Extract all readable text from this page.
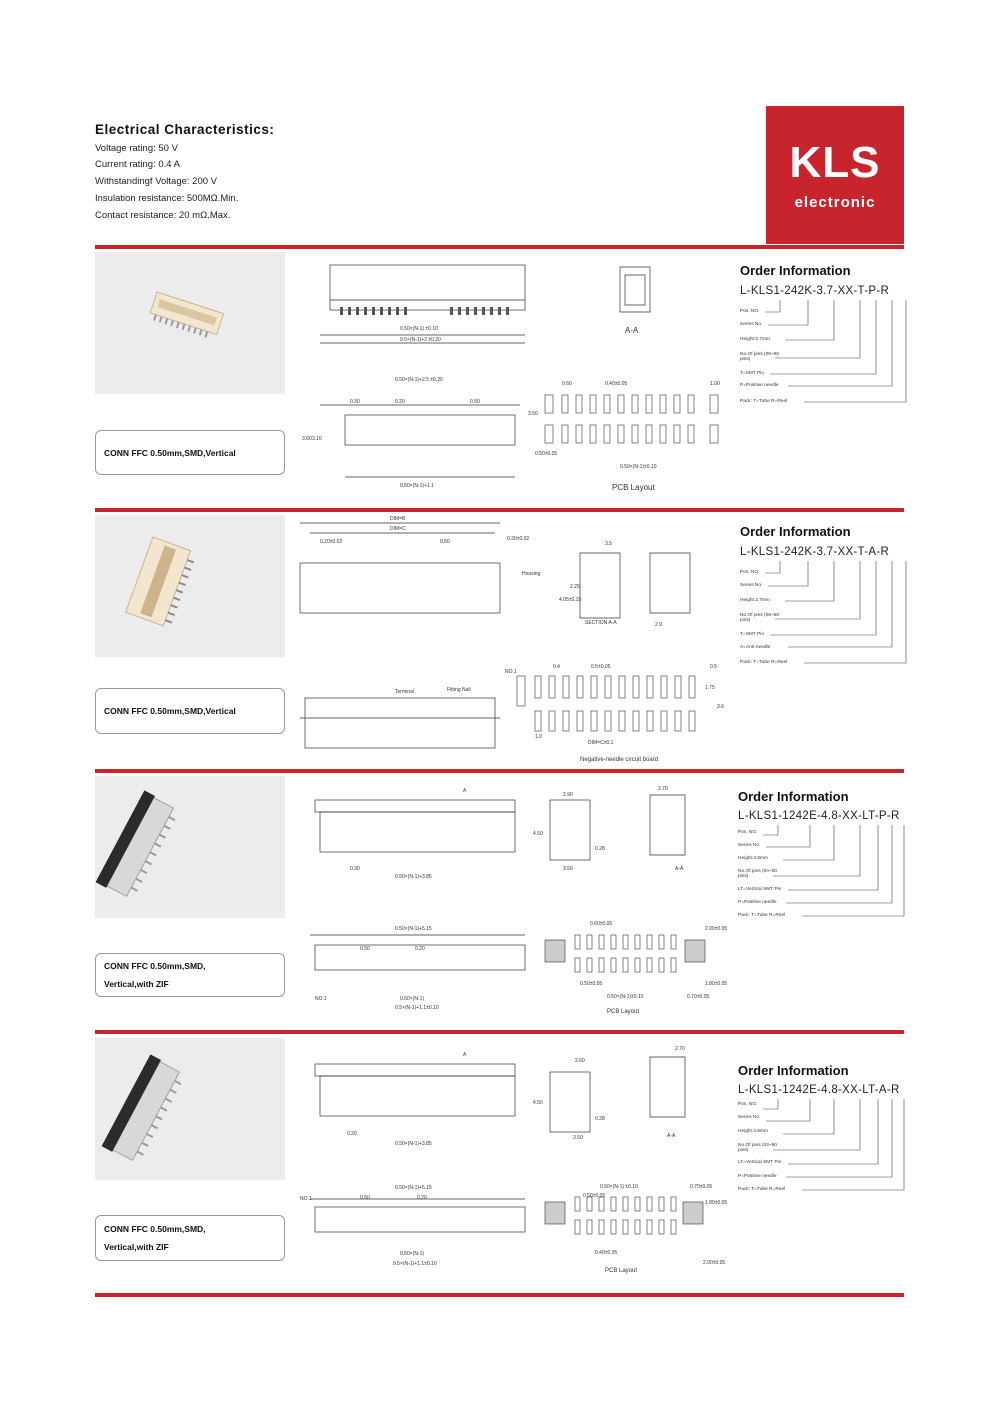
Electrical Characteristics:
Voltage rating: 50 V
Current rating: 0.4 A
Withstandingf Voltage: 200 V
Insulation resistance: 500MΩ.Min.
Contact resistance: 20 mΩ.Max.
KLS
electronic
CONN FFC 0.50mm,SMD,Vertical
0.50×(N-1) ±0.10
0.5×(N-1)+2 ±0.20
0.50×(N-1)+2.5 ±0.20
A-A
PCB Layout
0.30	0.20	0.50
0.60	0.40±0.05	1.00
3.50
3.60 3.10
0.50±0.05
0.50×(N-1)±0.10
0.50×(N-1)+1.1
Order Information
L-KLS1-242K-3.7-XX-T-P-R
Pos. NO.
Series No.
Height:3.7mm
No.Of pins (06~50 pins)
T=SMT Pin
P=Positive needle
Pack: T=Tube R=Reel
CONN FFC 0.50mm,SMD,Vertical
DIM=B
DIM=C
0.20±0.02	0.50	0.30±0.02
Housing
3.5
4.05±0.15
2.25
SECTION A-A	2.9
Terminal	Fitting Nail
NO.1
0.4	0.5±0.05	0.5
1.75
3.6
1.0
DIM=C±0.1
Negative-needle circuit board
Order Information
L-KLS1-242K-3.7-XX-T-A-R
Pos. NO.
Series No.
Height:3.7mm
No.Of pins (06~50 pins)
T=SMT Pin
A=Anti-needle
Pack: T=Tube R=Reel
CONN FFC 0.50mm,SMD,
Vertical,with ZIF
A
2.90
2.70
4.50
0.28
3.50	A-A
0.30
0.50×(N-1)+3.85
0.50×(N-1)+5.15
0.50	0.20
NO.1	0.50×(N-1)
0.5×(N-1)+1.1±0.10
0.60±0.05
2.00±0.05
1.80±0.05
0.50±0.05
0.70±0.05
0.50×(N-1)±0.10
PCB Layout
Order Information
L-KLS1-1242E-4.8-XX-LT-P-R
Pos. NO.
Series No.
Height:4.8mm
No.Of pins (04~50 pins)
LT=Vertical SMT Pin
P=Positive needle
Pack: T=Tube R=Reel
CONN FFC 0.50mm,SMD,
Vertical,with ZIF
A
2.60
2.70
4.50
0.28
3.50	A-A
0.20
0.50×(N-1)+3.85
0.50×(N-1)+5.15
0.50	0.20
NO.1
0.50×(N-1)
0.5×(N-1)+1.1±0.10
0.50×(N-1) ±0.10
0.50±0.05
0.70±0.05
1.80±0.05
0.40±0.05
2.00±0.05
PCB Layout
Order Information
L-KLS1-1242E-4.8-XX-LT-A-R
Pos. NO.
Series No.
Height:4.8mm
No.Of pins (04~50 pins)
LT=Vertical SMT Pin
P=Positive needle
Pack: T=Tube R=Reel
